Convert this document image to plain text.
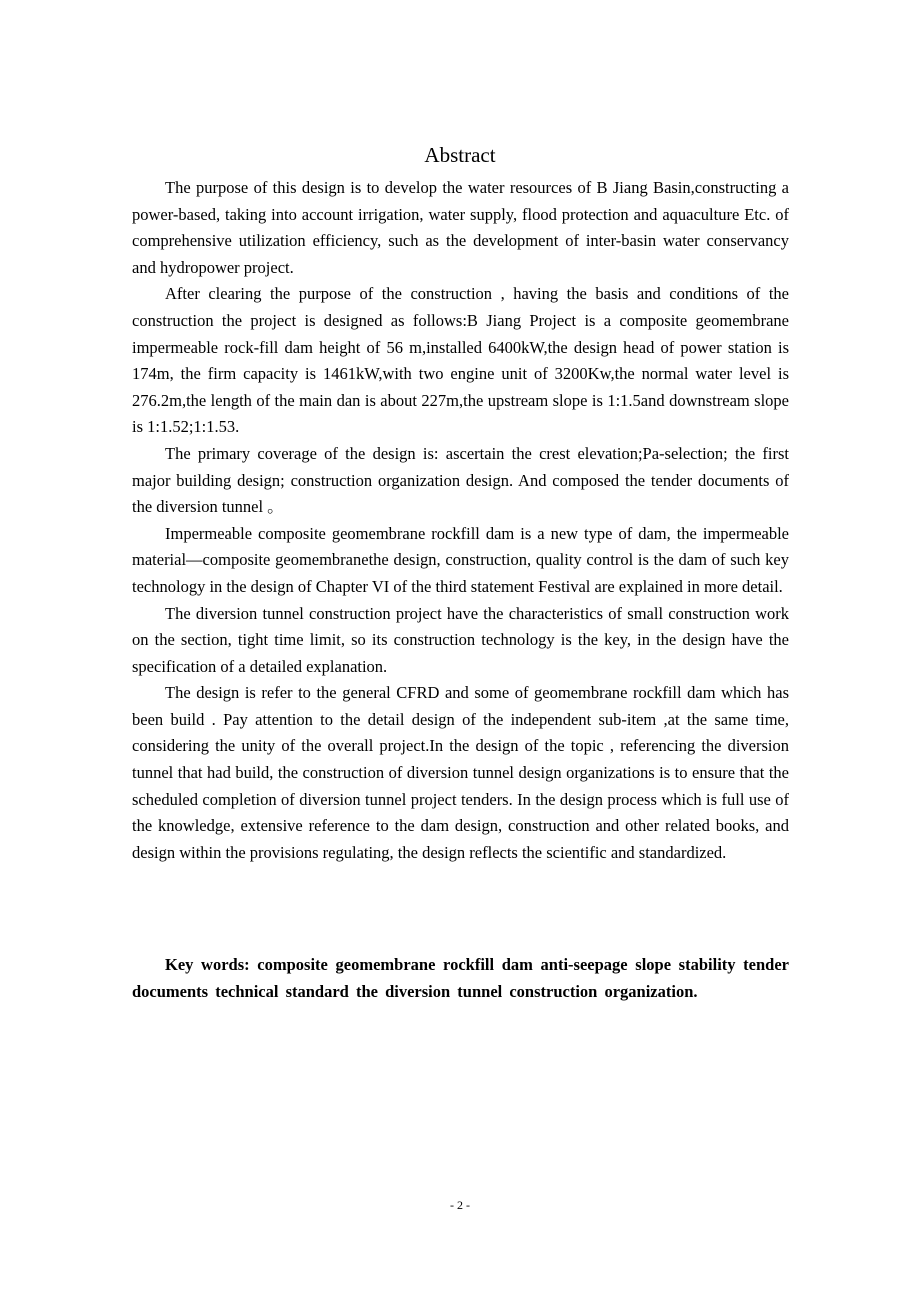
Abstract

The purpose of this design is to develop the water resources of B Jiang Basin,constructing a power-based, taking into account irrigation, water supply, flood protection and aquaculture Etc. of comprehensive utilization efficiency, such as the development of inter-basin water conservancy and hydropower project.

After clearing the purpose of the construction , having the basis and conditions of the construction the project is designed as follows:B Jiang Project is a composite geomembrane impermeable rock-fill dam height of 56 m,installed 6400kW,the design head of power station is 174m, the firm capacity is 1461kW,with two engine unit of 3200Kw,the normal water level is 276.2m,the length of the main dan is about 227m,the upstream slope is 1:1.5and downstream slope is 1:1.52;1:1.53.

The primary coverage of the design is: ascertain the crest elevation;Pa-selection; the first major building design; construction organization design. And composed the tender documents of the diversion tunnel 。

Impermeable composite geomembrane rockfill dam is a new type of dam, the impermeable material—composite geomembranethe design, construction, quality control is the dam of such key technology in the design of Chapter VI of the third statement Festival are explained in more detail.

The diversion tunnel construction project have the characteristics of small construction work on the section, tight time limit, so its construction technology is the key, in the design have the specification of a detailed explanation.

The design is refer to the general CFRD and some of geomembrane rockfill dam which has been build . Pay attention to the detail design of the independent sub-item ,at the same time, considering the unity of the overall project.In the design of the topic , referencing the diversion tunnel that had build, the construction of diversion tunnel design organizations is to ensure that the scheduled completion of diversion tunnel project tenders. In the design process which is full use of the knowledge, extensive reference to the dam design, construction and other related books, and design within the provisions regulating, the design reflects the scientific and standardized.

Key words: composite geomembrane rockfill dam anti-seepage slope stability tender documents technical standard the diversion tunnel construction organization.

- 2 -
